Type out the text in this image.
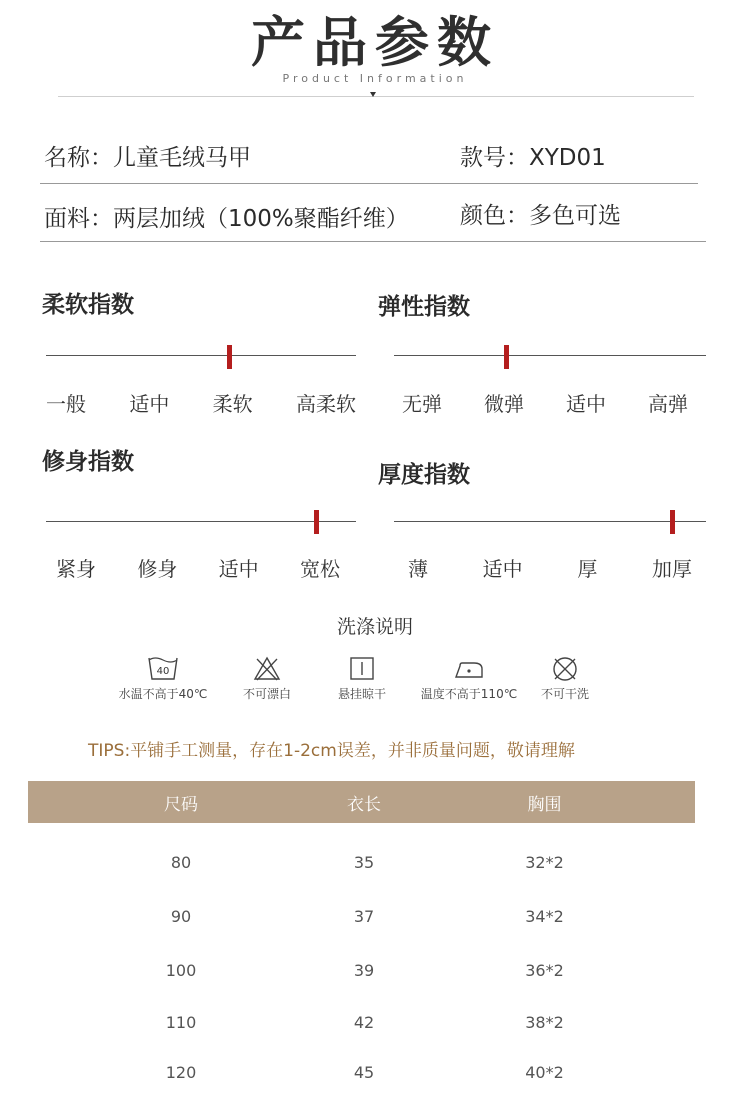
产品参数
Product Information
名称：儿童毛绒马甲	款号：XYD01
面料：两层加绒（100%聚酯纤维） 颜色：多色可选
柔软指数
一般 适中 柔软 高柔软
弹性指数
无弹 微弹 适中 高弹
修身指数
紧身 修身 适中 宽松
厚度指数
薄	适中	厚	加厚
洗涤说明
40
水温不高于40℃	不可漂白	悬挂晾干	温度不高于110℃	不可干洗
TIPS:平铺手工测量，存在1-2cm误差，并非质量问题，敬请理解
尺码	衣长	胸围
80	35	32*2
90	37	34*2
100	39	36*2
110	42	38*2
120	45	40*2
